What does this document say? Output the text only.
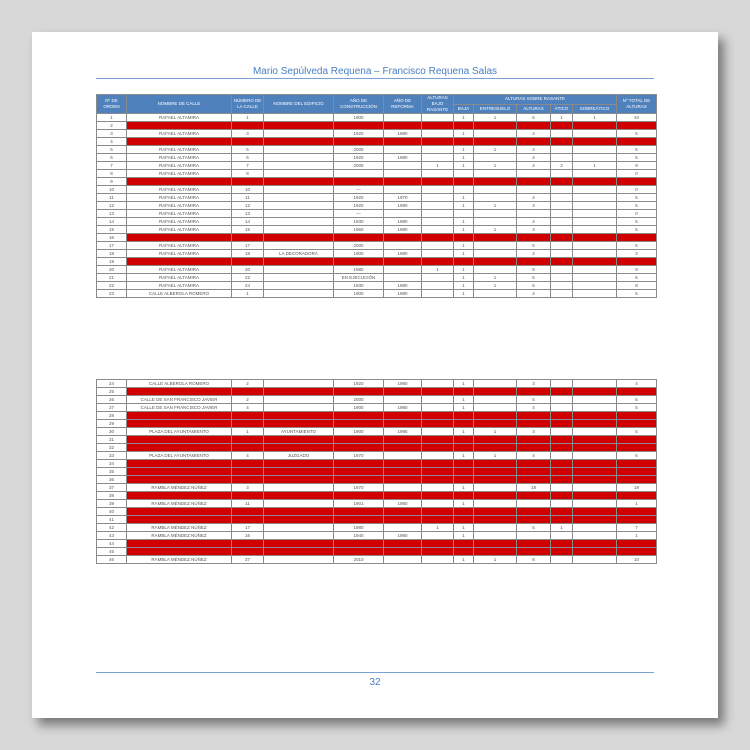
Mario Sepúlveda Requena – Francisco Requena Salas
Nº DE ORDEN	NOMBRE DE CALLE	NÚMERO DE LA CALLE	NOMBRE DEL EDIFICIO	AÑO DE CONSTRUCCIÓN	AÑO DE REFORMA	ALTURAS BAJO RASANTE	ALTURAS SOBRE RASANTE					Nº TOTAL DE ALTURAS
							BAJA	ENTRESUELO	ALTURAS	ÁTICO	SOBREÁTICO	
1	RAFAEL ALTAMIRA	1		1900			1	1	6	1	1	10
2												
3	RAFAEL ALTAMIRA	3		1920	1980		1		4			5
4												
5	RAFAEL ALTAMIRA	5		2005			1	1	4			6
6	RAFAEL ALTAMIRA	6		1920	1980		1		4			5
7	RAFAEL ALTAMIRA	7		2005		1	1	1	4	2	1	9
8	RAFAEL ALTAMIRA	8										0
9												
10	RAFAEL ALTAMIRA	10		—								0
11	RAFAEL ALTAMIRA	11		1920	1970		1		4			5
12	RAFAEL ALTAMIRA	12		1920	1990		1	1	3			5
13	RAFAEL ALTAMIRA	13		—								0
14	RAFAEL ALTAMIRA	14		1930	1980		1		4			5
15	RAFAEL ALTAMIRA	15		1960	1980		1	1	3			5
16												
17	RAFAEL ALTAMIRA	17		2000			1		5			6
18	RAFAEL ALTAMIRA	18	LA DECORADORA	1900	1980		1		2			3
19												
20	RAFAEL ALTAMIRA	20		1980		1	1		8			9
21	RAFAEL ALTAMIRA	22		EN EJECUCIÓN			1	1	5			6
22	RAFAEL ALTAMIRA	24		1930	1980		1	1	6			8
23	CALLE ALBEROLA ROMERO	1		1900	1980		1		4			5
24	CALLE ALBEROLA ROMERO	2		1920	1980		1		3			4
25												
26	CALLE DE SAN FRANCISCO JAVIER	2		2000			1		5			6
27	CALLE DE SAN FRANCISCO JAVIER	4		1900	1980		1		4			5
28												
29												
30	PLAZA DEL AYUNTAMIENTO	1	AYUNTAMIENTO	1900	1995		1	1	3			5
31												
32												
33	PLAZA DEL AYUNTAMIENTO	4	JUZGADO	1970			1	1	4			6
34												
35												
36												
37	RAMBLA MÉNDEZ NÚÑEZ	3		1970			1		18			19
38												
39	RAMBLA MÉNDEZ NÚÑEZ	11		1901	1980		1					1
40												
41												
42	RAMBLA MÉNDEZ NÚÑEZ	17		1980		1	1		5	1		7
43	RAMBLA MÉNDEZ NÚÑEZ	16		1940	1980		1					1
44												
45												
46	RAMBLA MÉNDEZ NÚÑEZ	37		2010			1	1	8			10
32
